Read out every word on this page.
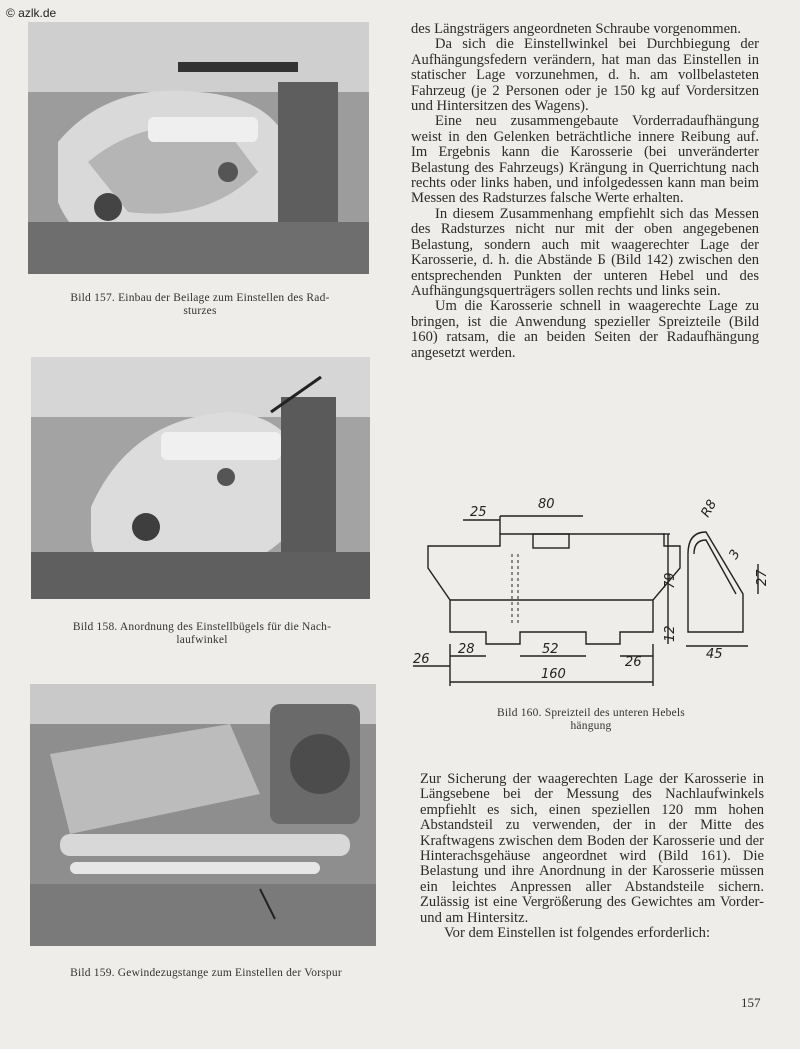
© azlk.de
Bild 157. Einbau der Beilage zum Einstellen des Rad-
sturzes
Bild 158. Anordnung des Einstellbügels für die Nach-
laufwinkel
Bild 159. Gewindezugstange zum Einstellen der Vorspur

des Längsträgers angeordneten Schraube vorgenommen.

Da sich die Einstellwinkel bei Durchbiegung der Aufhängungsfedern verändern, hat man das Einstellen in statischer Lage vorzunehmen, d. h. am vollbelasteten Fahrzeug (je 2 Personen oder je 150 kg auf Vordersitzen und Hintersitzen des Wagens).

Eine neu zusammengebaute Vorderradaufhängung weist in den Gelenken beträchtliche innere Reibung auf. Im Ergebnis kann die Karosserie (bei unveränderter Belastung des Fahrzeugs) Krängung in Querrichtung nach rechts oder links haben, und infolgedessen kann man beim Messen des Radsturzes falsche Werte erhalten.

In diesem Zusammenhang empfiehlt sich das Messen des Radsturzes nicht nur mit der oben angegebenen Belastung, sondern auch mit waagerechter Lage der Karosserie, d. h. die Abstände Б (Bild 142) zwischen den entsprechenden Punkten der unteren Hebel und des Aufhängungsquerträgers sollen rechts und links sein.

Um die Karosserie schnell in waagerechte Lage zu bringen, ist die Anwendung spezieller Spreizteile (Bild 160) ratsam, die an beiden Seiten der Radaufhängung angesetzt werden.

25
80
79
12
28	52
26	26
160
R8
3
27
45
Bild 160. Spreizteil des unteren Hebels
hängung

Zur Sicherung der waagerechten Lage der Karosserie in Längsebene bei der Messung des Nachlaufwinkels empfiehlt es sich, einen speziellen 120 mm hohen Abstandsteil zu verwenden, der in der Mitte des Kraftwagens zwischen dem Boden der Karosserie und der Hinterachsgehäuse angeordnet wird (Bild 161). Die Belastung und ihre Anordnung in der Karosserie müssen ein leichtes Anpressen aller Abstandsteile sichern. Zulässig ist eine Vergrößerung des Gewichtes am Vorder- und am Hintersitz.

Vor dem Einstellen ist folgendes erforderlich:

157
